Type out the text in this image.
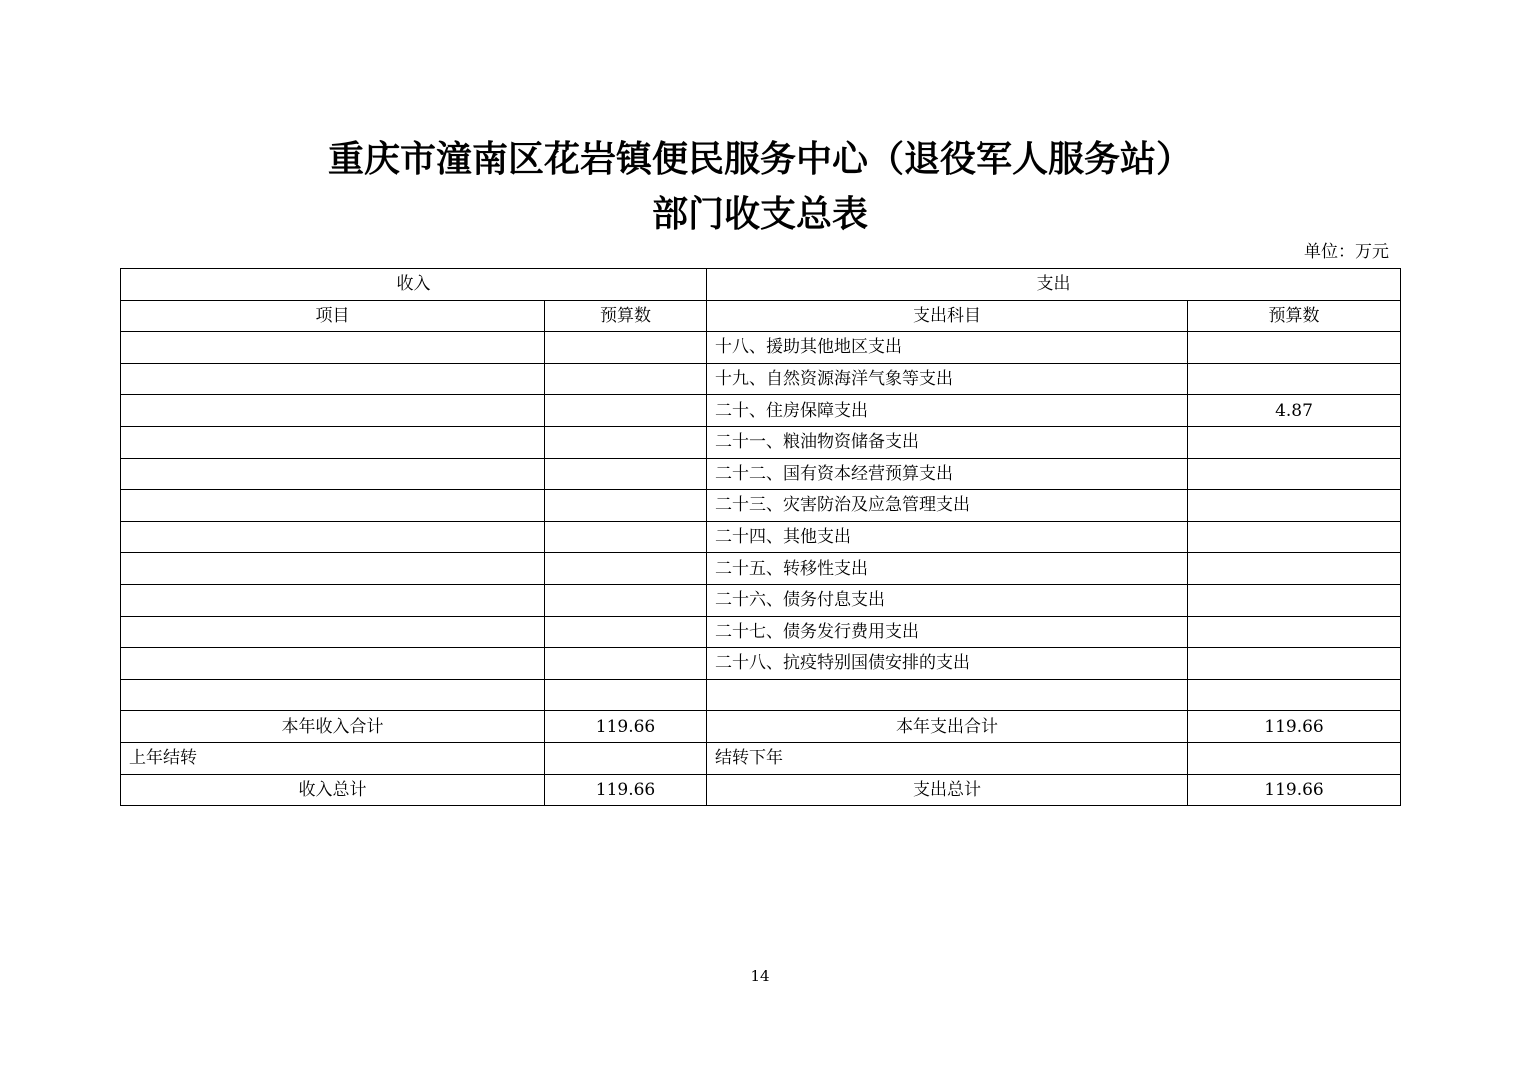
重庆市潼南区花岩镇便民服务中心（退役军人服务站）
部门收支总表
单位：万元
收入		支出	
项目	预算数	支出科目	预算数
		十八、援助其他地区支出	
		十九、自然资源海洋气象等支出	
		二十、住房保障支出	4.87
		二十一、粮油物资储备支出	
		二十二、国有资本经营预算支出	
		二十三、灾害防治及应急管理支出	
		二十四、其他支出	
		二十五、转移性支出	
		二十六、债务付息支出	
		二十七、债务发行费用支出	
		二十八、抗疫特别国债安排的支出	

本年收入合计	119.66	本年支出合计	119.66
上年结转		结转下年	
收入总计	119.66	支出总计	119.66
14
